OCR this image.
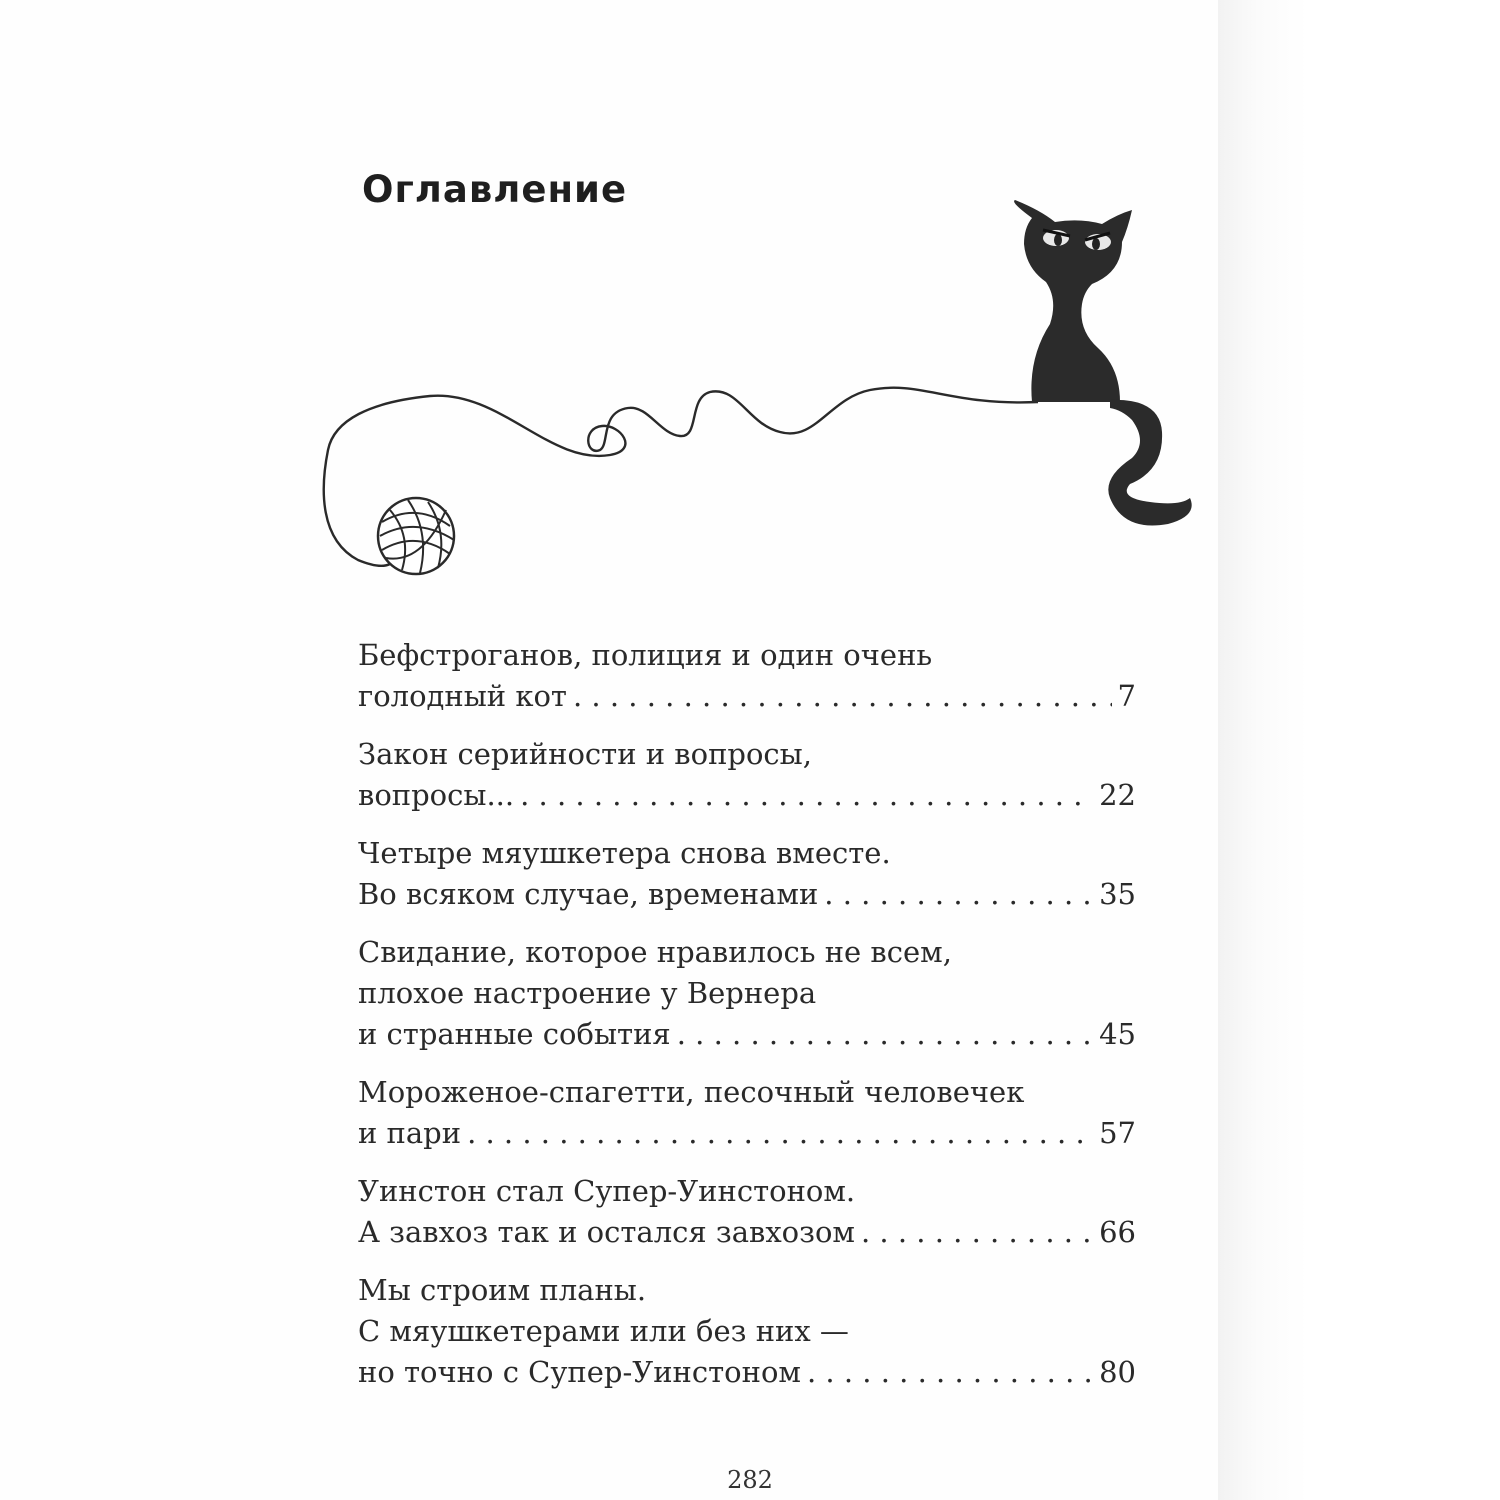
Оглавление
Бефстроганов, полиция и один очень
голодный кот . . .	7
Закон серийности и вопросы,
вопросы... . . .	22
Четыре мяушкетера снова вместе.
Во всяком случае, временами . . .	35
Свидание, которое нравилось не всем,
плохое настроение у Вернера
и странные события . . .	45
Мороженое-спагетти, песочный человечек
и пари . . .	57
Уинстон стал Супер-Уинстоном.
А завхоз так и остался завхозом . . .	66
Мы строим планы.
С мяушкетерами или без них —
но точно с Супер-Уинстоном . . .	80
282
